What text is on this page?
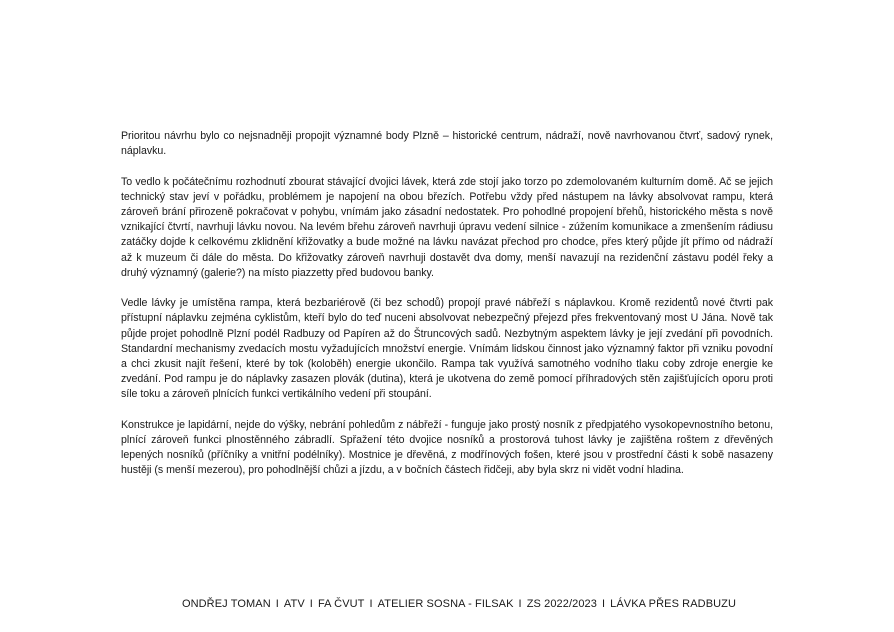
Prioritou návrhu bylo co nejsnadněji propojit významné body Plzně – historické centrum, nádraží, nově navrhovanou čtvrť, sadový rynek, náplavku.

To vedlo k počátečnímu rozhodnutí zbourat stávající dvojici lávek, která zde stojí jako torzo po zdemolovaném kulturním domě. Ač se jejich technický stav jeví v pořádku, problémem je napojení na obou březích. Potřebu vždy před nástupem na lávky absolvovat rampu, která zároveň brání přirozeně pokračovat v pohybu, vnímám jako zásadní nedostatek. Pro pohodlné propojení břehů, historického města s nově vznikající čtvrtí, navrhuji lávku novou. Na levém břehu zároveň navrhuji úpravu vedení silnice - zúžením komunikace a zmenšením rádiusu zatáčky dojde k celkovému zklidnění křižovatky a bude možné na lávku navázat přechod pro chodce, přes který půjde jít přímo od nádraží až k muzeum či dále do města. Do křižovatky zároveň navrhuji dostavět dva domy, menší navazují na rezidenční zástavu podél řeky a druhý významný (galerie?) na místo piazzetty před budovou banky.

Vedle lávky je umístěna rampa, která bezbariérově (či bez schodů) propojí pravé nábřeží s náplavkou. Kromě rezidentů nové čtvrti pak přístupní náplavku zejména cyklistům, kteří bylo do teď nuceni absolvovat nebezpečný přejezd přes frekventovaný most U Jána. Nově tak půjde projet pohodlně Plzní podél Radbuzy od Papíren až do Štruncových sadů. Nezbytným aspektem lávky je její zvedání při povodních. Standardní mechanismy zvedacích mostu vyžadujících množství energie. Vnímám lidskou činnost jako významný faktor při vzniku povodní a chci zkusit najít řešení, které by tok (koloběh) energie ukončilo. Rampa tak využívá samotného vodního tlaku coby zdroje energie ke zvedání. Pod rampu je do náplavky zasazen plovák (dutina), která je ukotvena do země pomocí příhradových stěn zajišťujících oporu proti síle toku a zároveň plnících funkci vertikálního vedení při stoupání.

Konstrukce je lapidární, nejde do výšky, nebrání pohledům z nábřeží - funguje jako prostý nosník z předpjatého vysokopevnostního betonu, plnící zároveň funkci plnostěnného zábradlí. Spřažení této dvojice nosníků a prostorová tuhost lávky je zajištěna roštem z dřevěných lepených nosníků (příčníky a vnitřní podélníky). Mostnice je dřevěná, z modřínových fošen, které jsou v prostřední části k sobě nasazeny hustěji (s menší mezerou), pro pohodlnější chůzi a jízdu, a v bočních částech řidčeji, aby byla skrz ni vidět vodní hladina.

ONDŘEJ TOMAN I ATV I FA ČVUT I ATELIER SOSNA - FILSAK I ZS 2022/2023 I LÁVKA PŘES RADBUZU
